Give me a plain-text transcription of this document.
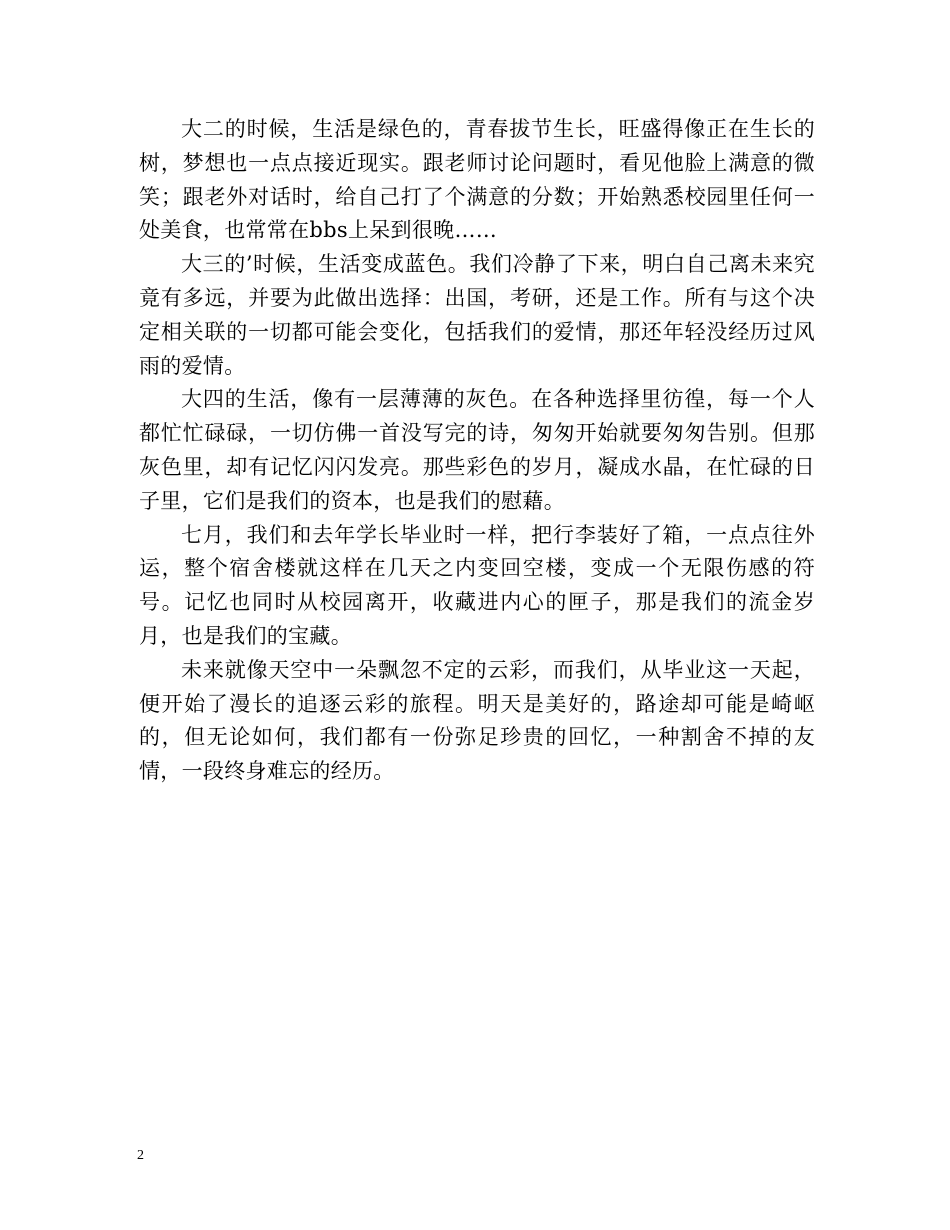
大二的时候，生活是绿色的，青春拔节生长，旺盛得像正在生长的树，梦想也一点点接近现实。跟老师讨论问题时，看见他脸上满意的微笑；跟老外对话时，给自己打了个满意的分数；开始熟悉校园里任何一处美食，也常常在bbs上呆到很晚……

大三的’时候，生活变成蓝色。我们冷静了下来，明白自己离未来究竟有多远，并要为此做出选择：出国，考研，还是工作。所有与这个决定相关联的一切都可能会变化，包括我们的爱情，那还年轻没经历过风雨的爱情。

大四的生活，像有一层薄薄的灰色。在各种选择里彷徨，每一个人都忙忙碌碌，一切仿佛一首没写完的诗，匆匆开始就要匆匆告别。但那灰色里，却有记忆闪闪发亮。那些彩色的岁月，凝成水晶，在忙碌的日子里，它们是我们的资本，也是我们的慰藉。

七月，我们和去年学长毕业时一样，把行李装好了箱，一点点往外运，整个宿舍楼就这样在几天之内变回空楼，变成一个无限伤感的符号。记忆也同时从校园离开，收藏进内心的匣子，那是我们的流金岁月，也是我们的宝藏。

未来就像天空中一朵飘忽不定的云彩，而我们，从毕业这一天起，便开始了漫长的追逐云彩的旅程。明天是美好的，路途却可能是崎岖的，但无论如何，我们都有一份弥足珍贵的回忆，一种割舍不掉的友情，一段终身难忘的经历。

2
